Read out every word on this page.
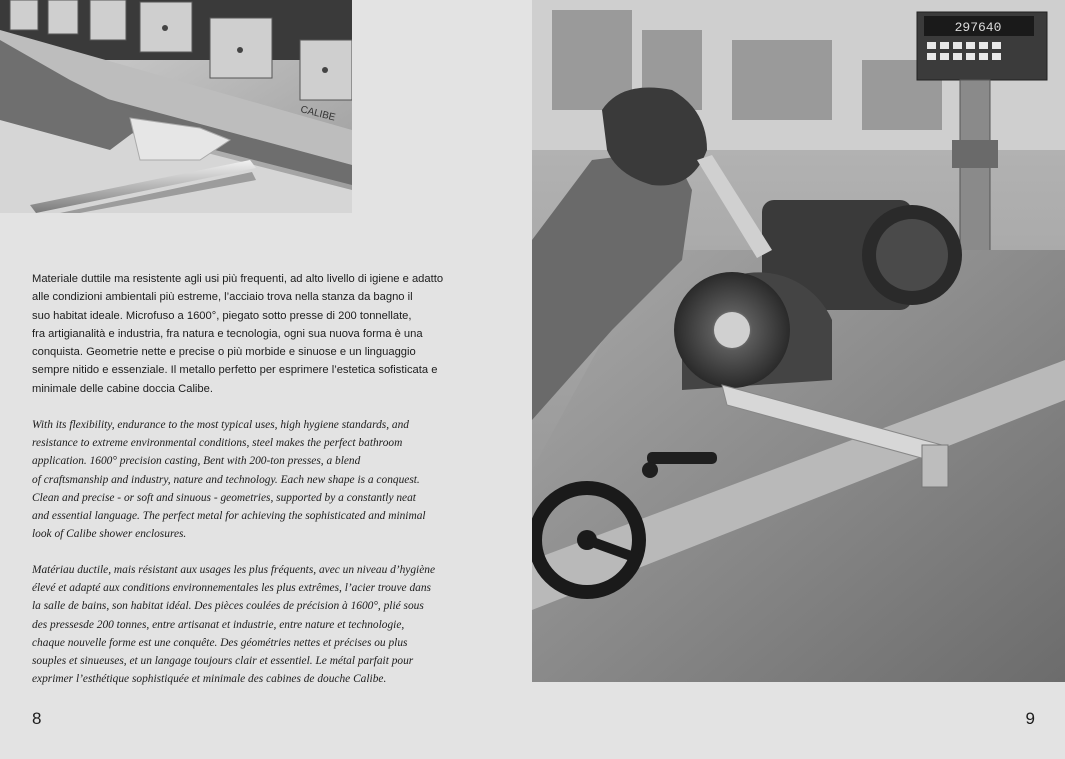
CALIBE
Materiale duttile ma resistente agli usi più frequenti, ad alto livello di igiene e adatto
alle condizioni ambientali più estreme, l’acciaio trova nella stanza da bagno il
suo habitat ideale. Microfuso a 1600°, piegato sotto presse di 200 tonnellate,
fra artigianalità e industria, fra natura e tecnologia, ogni sua nuova forma è una
conquista. Geometrie nette e precise o più morbide e sinuose e un linguaggio
sempre nitido e essenziale. Il metallo perfetto per esprimere l’estetica sofisticata e
minimale delle cabine doccia Calibe.
With its flexibility, endurance to the most typical uses, high hygiene standards, and
resistance to extreme environmental conditions, steel makes the perfect bathroom
application. 1600° precision casting, Bent with 200-ton presses, a blend
of craftsmanship and industry, nature and technology. Each new shape is a conquest.
Clean and precise - or soft and sinuous - geometries, supported by a constantly neat
and essential language. The perfect metal for achieving the sophisticated and minimal
look of Calibe shower enclosures.
Matériau ductile, mais résistant aux usages les plus fréquents, avec un niveau d’hygiène
élevé et adapté aux conditions environnementales les plus extrêmes, l’acier trouve dans
la salle de bains, son habitat idéal. Des pièces coulées de précision à 1600°, plié sous
des pressesde 200 tonnes, entre artisanat et industrie, entre nature et technologie,
chaque nouvelle forme est une conquête. Des géométries nettes et précises ou plus
souples et sinueuses, et un langage toujours clair et essentiel. Le métal parfait pour
exprimer l’esthétique sophistiquée et minimale des cabines de douche Calibe.
8
297640
9
